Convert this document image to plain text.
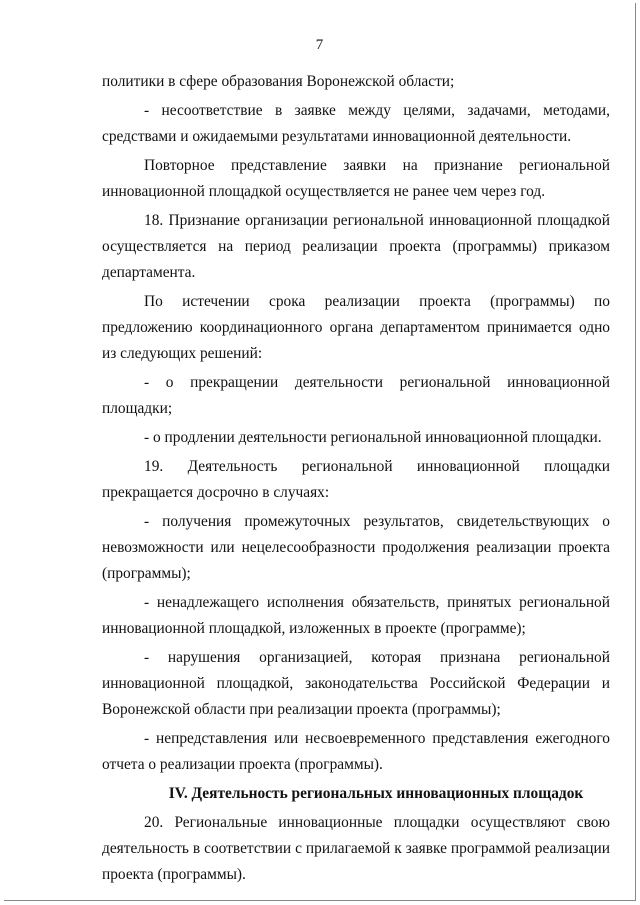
7

политики в сфере образования Воронежской области;

- несоответствие в заявке между целями, задачами, методами, средствами и ожидаемыми результатами инновационной деятельности.

Повторное представление заявки на признание региональной инновационной площадкой осуществляется не ранее чем через год.

18. Признание организации региональной инновационной площадкой осуществляется на период реализации проекта (программы) приказом департамента.

По истечении срока реализации проекта (программы) по предложению координационного органа департаментом принимается одно из следующих решений:

- о прекращении деятельности региональной инновационной площадки;

- о продлении деятельности региональной инновационной площадки.

19. Деятельность региональной инновационной площадки прекращается досрочно в случаях:

- получения промежуточных результатов, свидетельствующих о невозможности или нецелесообразности продолжения реализации проекта (программы);

- ненадлежащего исполнения обязательств, принятых региональной инновационной площадкой, изложенных в проекте (программе);

- нарушения организацией, которая признана региональной инновационной площадкой, законодательства Российской Федерации и Воронежской области при реализации проекта (программы);

- непредставления или несвоевременного представления ежегодного отчета о реализации проекта (программы).

IV. Деятельность региональных инновационных площадок

20. Региональные инновационные площадки осуществляют свою деятельность в соответствии с прилагаемой к заявке программой реализации проекта (программы).
